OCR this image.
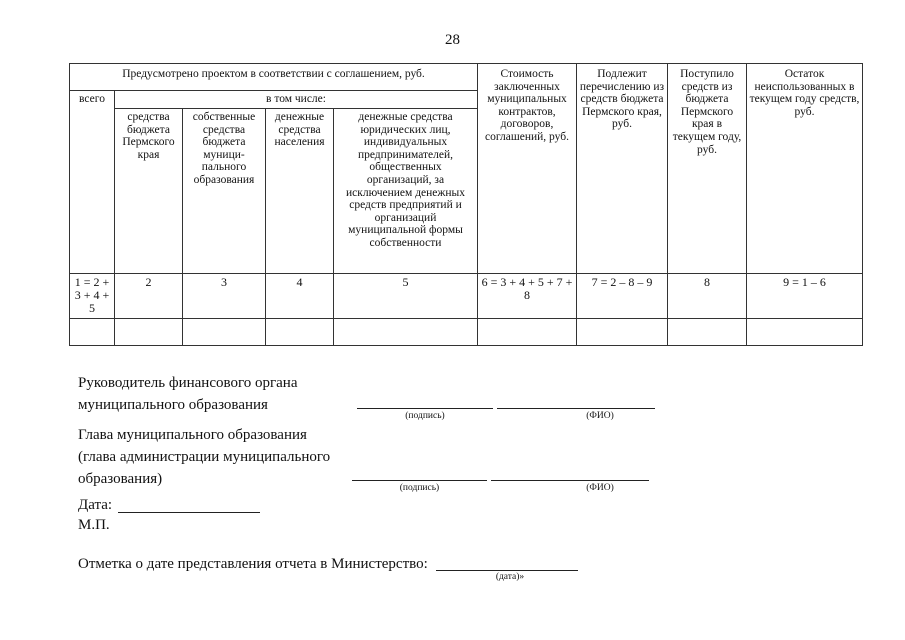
28
Предусмотрено проектом в соответствии с соглашением, руб.					Стоимость заключенных муниципальных контрактов, договоров, соглашений, руб.	Подлежит перечислению из средств бюджета Пермского края, руб.	Поступило средств из бюджета Пермского края в текущем году, руб.	Остаток неиспользованных в текущем году средств, руб.
всего	в том числе:							
	средства бюджета Пермского края	собственные средства бюджета муници-пального образования	денежные средства населения	денежные средства юридических лиц, индивидуальных предпринимателей, общественных организаций, за исключением денежных средств предприятий и организаций муниципальной формы собственности				
1 = 2 + 3 + 4 + 5	2	3	4	5	6 = 3 + 4 + 5 + 7 + 8	7 = 2 – 8 – 9	8	9 = 1 – 6

Руководитель финансового органа
муниципального образования
(подпись)	(ФИО)
Глава муниципального образования
(глава администрации муниципального
образования)
(подпись)	(ФИО)
Дата:
М.П.
Отметка о дате представления отчета в Министерство:
(дата)»
